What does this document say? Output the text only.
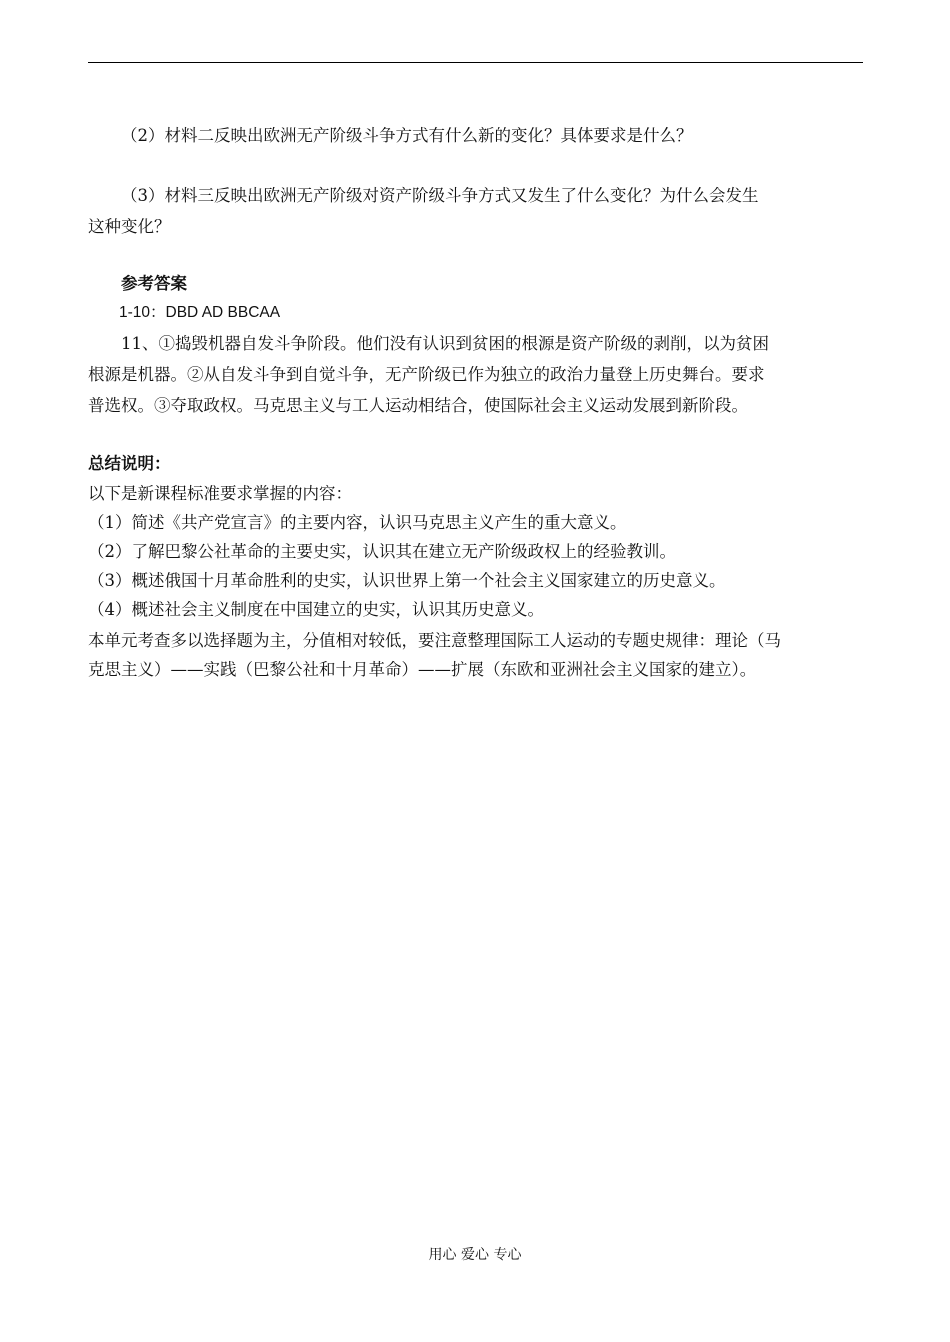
（2）材料二反映出欧洲无产阶级斗争方式有什么新的变化？具体要求是什么？

（3）材料三反映出欧洲无产阶级对资产阶级斗争方式又发生了什么变化？为什么会发生
这种变化？

参考答案

1-10：DBD AD BBCAA

11、①捣毁机器自发斗争阶段。他们没有认识到贫困的根源是资产阶级的剥削，以为贫困
根源是机器。②从自发斗争到自觉斗争，无产阶级已作为独立的政治力量登上历史舞台。要求
普选权。③夺取政权。马克思主义与工人运动相结合，使国际社会主义运动发展到新阶段。

总结说明：

以下是新课程标准要求掌握的内容：
（1）简述《共产党宣言》的主要内容，认识马克思主义产生的重大意义。
（2）了解巴黎公社革命的主要史实，认识其在建立无产阶级政权上的经验教训。
（3）概述俄国十月革命胜利的史实，认识世界上第一个社会主义国家建立的历史意义。
（4）概述社会主义制度在中国建立的史实，认识其历史意义。
本单元考查多以选择题为主，分值相对较低，要注意整理国际工人运动的专题史规律：理论（马
克思主义）——实践（巴黎公社和十月革命）——扩展（东欧和亚洲社会主义国家的建立）。
用心 爱心 专心
